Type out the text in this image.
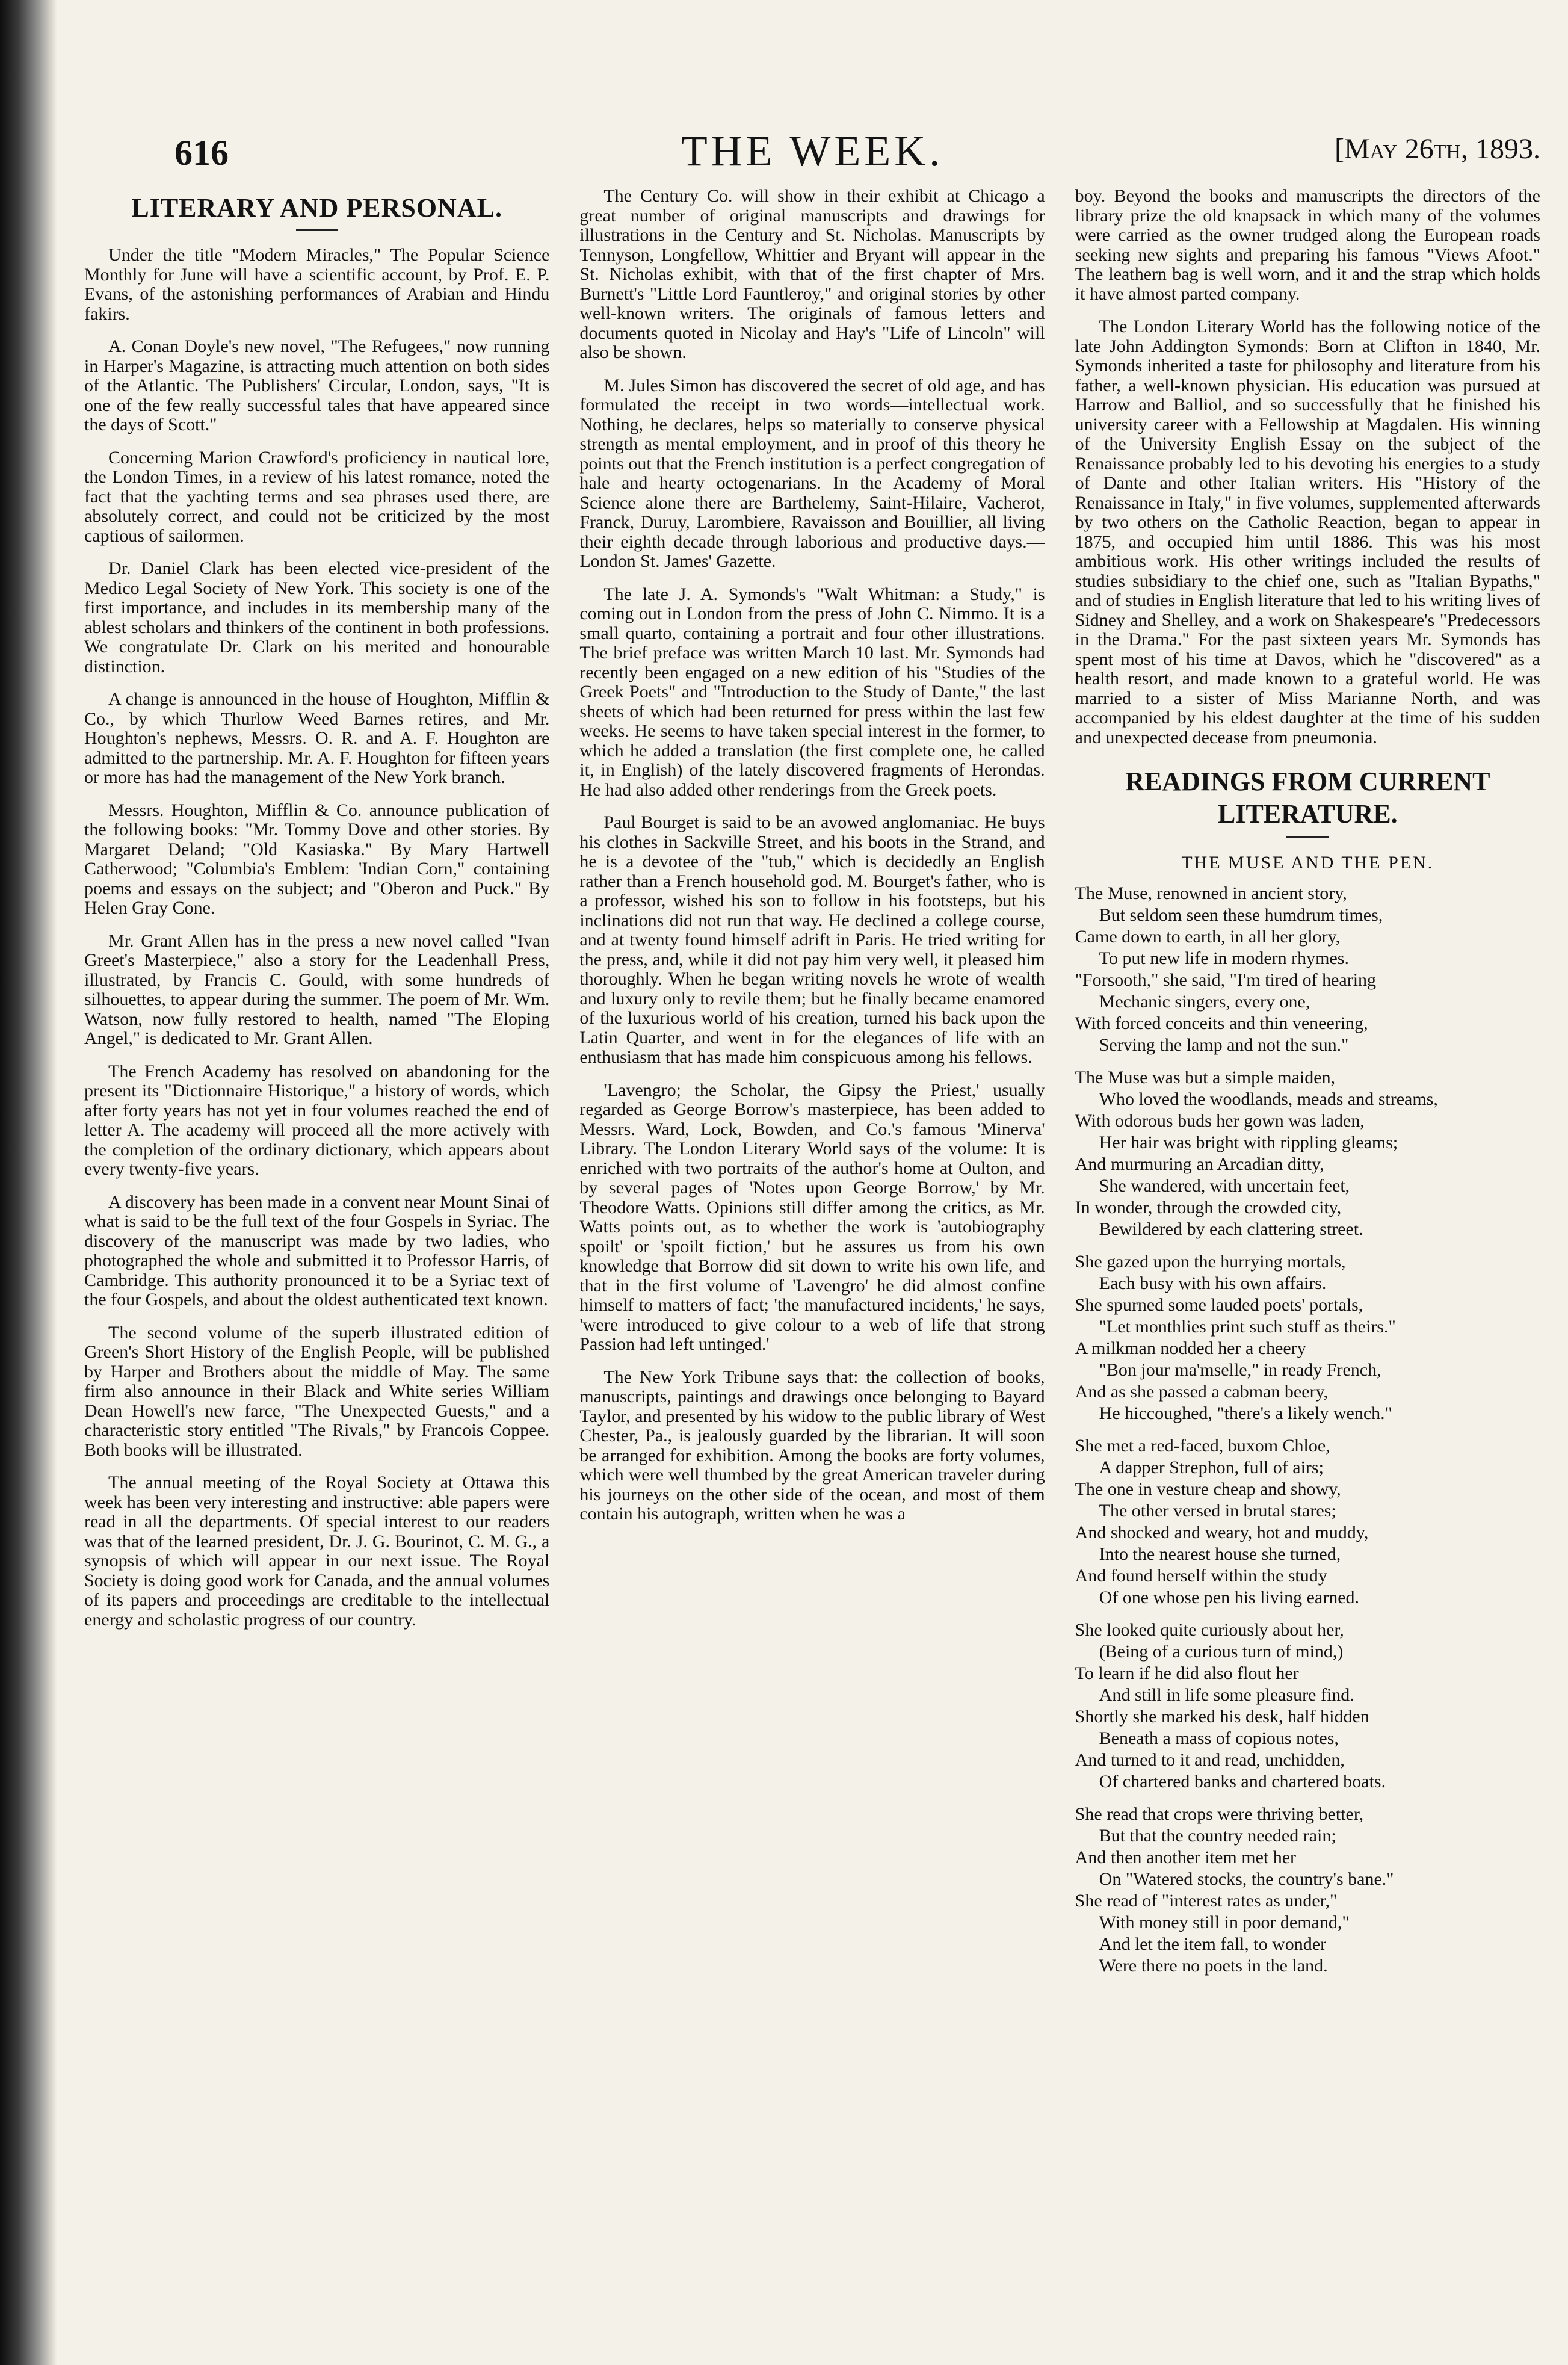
616	THE WEEK.	[May 26th, 1893.
LITERARY AND PERSONAL.

Under the title "Modern Miracles," The Popular Science Monthly for June will have a scientific account, by Prof. E. P. Evans, of the astonishing performances of Arabian and Hindu fakirs.

A. Conan Doyle's new novel, "The Refugees," now running in Harper's Magazine, is attracting much attention on both sides of the Atlantic. The Publishers' Circular, London, says, "It is one of the few really successful tales that have appeared since the days of Scott."

Concerning Marion Crawford's proficiency in nautical lore, the London Times, in a review of his latest romance, noted the fact that the yachting terms and sea phrases used there, are absolutely correct, and could not be criticized by the most captious of sailormen.

Dr. Daniel Clark has been elected vice-president of the Medico Legal Society of New York. This society is one of the first importance, and includes in its membership many of the ablest scholars and thinkers of the continent in both professions. We congratulate Dr. Clark on his merited and honourable distinction.

A change is announced in the house of Houghton, Mifflin & Co., by which Thurlow Weed Barnes retires, and Mr. Houghton's nephews, Messrs. O. R. and A. F. Houghton are admitted to the partnership. Mr. A. F. Houghton for fifteen years or more has had the management of the New York branch.

Messrs. Houghton, Mifflin & Co. announce publication of the following books: "Mr. Tommy Dove and other stories. By Margaret Deland; "Old Kasiaska." By Mary Hartwell Catherwood; "Columbia's Emblem: 'Indian Corn," containing poems and essays on the subject; and "Oberon and Puck." By Helen Gray Cone.

Mr. Grant Allen has in the press a new novel called "Ivan Greet's Masterpiece," also a story for the Leadenhall Press, illustrated, by Francis C. Gould, with some hundreds of silhouettes, to appear during the summer. The poem of Mr. Wm. Watson, now fully restored to health, named "The Eloping Angel," is dedicated to Mr. Grant Allen.

The French Academy has resolved on abandoning for the present its "Dictionnaire Historique," a history of words, which after forty years has not yet in four volumes reached the end of letter A. The academy will proceed all the more actively with the completion of the ordinary dictionary, which appears about every twenty-five years.

A discovery has been made in a convent near Mount Sinai of what is said to be the full text of the four Gospels in Syriac. The discovery of the manuscript was made by two ladies, who photographed the whole and submitted it to Professor Harris, of Cambridge. This authority pronounced it to be a Syriac text of the four Gospels, and about the oldest authenticated text known.

The second volume of the superb illustrated edition of Green's Short History of the English People, will be published by Harper and Brothers about the middle of May. The same firm also announce in their Black and White series William Dean Howell's new farce, "The Unexpected Guests," and a characteristic story entitled "The Rivals," by Francois Coppee. Both books will be illustrated.

The annual meeting of the Royal Society at Ottawa this week has been very interesting and instructive: able papers were read in all the departments. Of special interest to our readers was that of the learned president, Dr. J. G. Bourinot, C. M. G., a synopsis of which will appear in our next issue. The Royal Society is doing good work for Canada, and the annual volumes of its papers and proceedings are creditable to the intellectual energy and scholastic progress of our country.

The Century Co. will show in their exhibit at Chicago a great number of original manuscripts and drawings for illustrations in the Century and St. Nicholas. Manuscripts by Tennyson, Longfellow, Whittier and Bryant will appear in the St. Nicholas exhibit, with that of the first chapter of Mrs. Burnett's "Little Lord Fauntleroy," and original stories by other well-known writers. The originals of famous letters and documents quoted in Nicolay and Hay's "Life of Lincoln" will also be shown.

M. Jules Simon has discovered the secret of old age, and has formulated the receipt in two words—intellectual work. Nothing, he declares, helps so materially to conserve physical strength as mental employment, and in proof of this theory he points out that the French institution is a perfect congregation of hale and hearty octogenarians. In the Academy of Moral Science alone there are Barthelemy, Saint-Hilaire, Vacherot, Franck, Duruy, Larombiere, Ravaisson and Bouillier, all living their eighth decade through laborious and productive days.—London St. James' Gazette.

The late J. A. Symonds's "Walt Whitman: a Study," is coming out in London from the press of John C. Nimmo. It is a small quarto, containing a portrait and four other illustrations. The brief preface was written March 10 last. Mr. Symonds had recently been engaged on a new edition of his "Studies of the Greek Poets" and "Introduction to the Study of Dante," the last sheets of which had been returned for press within the last few weeks. He seems to have taken special interest in the former, to which he added a translation (the first complete one, he called it, in English) of the lately discovered fragments of Herondas. He had also added other renderings from the Greek poets.

Paul Bourget is said to be an avowed anglomaniac. He buys his clothes in Sackville Street, and his boots in the Strand, and he is a devotee of the "tub," which is decidedly an English rather than a French household god. M. Bourget's father, who is a professor, wished his son to follow in his footsteps, but his inclinations did not run that way. He declined a college course, and at twenty found himself adrift in Paris. He tried writing for the press, and, while it did not pay him very well, it pleased him thoroughly. When he began writing novels he wrote of wealth and luxury only to revile them; but he finally became enamored of the luxurious world of his creation, turned his back upon the Latin Quarter, and went in for the elegances of life with an enthusiasm that has made him conspicuous among his fellows.

'Lavengro; the Scholar, the Gipsy the Priest,' usually regarded as George Borrow's masterpiece, has been added to Messrs. Ward, Lock, Bowden, and Co.'s famous 'Minerva' Library. The London Literary World says of the volume: It is enriched with two portraits of the author's home at Oulton, and by several pages of 'Notes upon George Borrow,' by Mr. Theodore Watts. Opinions still differ among the critics, as Mr. Watts points out, as to whether the work is 'autobiography spoilt' or 'spoilt fiction,' but he assures us from his own knowledge that Borrow did sit down to write his own life, and that in the first volume of 'Lavengro' he did almost confine himself to matters of fact; 'the manufactured incidents,' he says, 'were introduced to give colour to a web of life that strong Passion had left untinged.'

The New York Tribune says that: the collection of books, manuscripts, paintings and drawings once belonging to Bayard Taylor, and presented by his widow to the public library of West Chester, Pa., is jealously guarded by the librarian. It will soon be arranged for exhibition. Among the books are forty volumes, which were well thumbed by the great American traveler during his journeys on the other side of the ocean, and most of them contain his autograph, written when he was a

boy. Beyond the books and manuscripts the directors of the library prize the old knapsack in which many of the volumes were carried as the owner trudged along the European roads seeking new sights and preparing his famous "Views Afoot." The leathern bag is well worn, and it and the strap which holds it have almost parted company.

The London Literary World has the following notice of the late John Addington Symonds: Born at Clifton in 1840, Mr. Symonds inherited a taste for philosophy and literature from his father, a well-known physician. His education was pursued at Harrow and Balliol, and so successfully that he finished his university career with a Fellowship at Magdalen. His winning of the University English Essay on the subject of the Renaissance probably led to his devoting his energies to a study of Dante and other Italian writers. His "History of the Renaissance in Italy," in five volumes, supplemented afterwards by two others on the Catholic Reaction, began to appear in 1875, and occupied him until 1886. This was his most ambitious work. His other writings included the results of studies subsidiary to the chief one, such as "Italian Bypaths," and of studies in English literature that led to his writing lives of Sidney and Shelley, and a work on Shakespeare's "Predecessors in the Drama." For the past sixteen years Mr. Symonds has spent most of his time at Davos, which he "discovered" as a health resort, and made known to a grateful world. He was married to a sister of Miss Marianne North, and was accompanied by his eldest daughter at the time of his sudden and unexpected decease from pneumonia.

READINGS FROM CURRENT LITERATURE.
THE MUSE AND THE PEN.
The Muse, renowned in ancient story,
But seldom seen these humdrum times,
Came down to earth, in all her glory,
To put new life in modern rhymes.
"Forsooth," she said, "I'm tired of hearing
Mechanic singers, every one,
With forced conceits and thin veneering,
Serving the lamp and not the sun."
The Muse was but a simple maiden,
Who loved the woodlands, meads and streams,
With odorous buds her gown was laden,
Her hair was bright with rippling gleams;
And murmuring an Arcadian ditty,
She wandered, with uncertain feet,
In wonder, through the crowded city,
Bewildered by each clattering street.
She gazed upon the hurrying mortals,
Each busy with his own affairs.
She spurned some lauded poets' portals,
"Let monthlies print such stuff as theirs."
A milkman nodded her a cheery
"Bon jour ma'mselle," in ready French,
And as she passed a cabman beery,
He hiccoughed, "there's a likely wench."
She met a red-faced, buxom Chloe,
A dapper Strephon, full of airs;
The one in vesture cheap and showy,
The other versed in brutal stares;
And shocked and weary, hot and muddy,
Into the nearest house she turned,
And found herself within the study
Of one whose pen his living earned.
She looked quite curiously about her,
(Being of a curious turn of mind,)
To learn if he did also flout her
And still in life some pleasure find.
Shortly she marked his desk, half hidden
Beneath a mass of copious notes,
And turned to it and read, unchidden,
Of chartered banks and chartered boats.
She read that crops were thriving better,
But that the country needed rain;
And then another item met her
On "Watered stocks, the country's bane."
She read of "interest rates as under,"
With money still in poor demand,"
And let the item fall, to wonder
Were there no poets in the land.
